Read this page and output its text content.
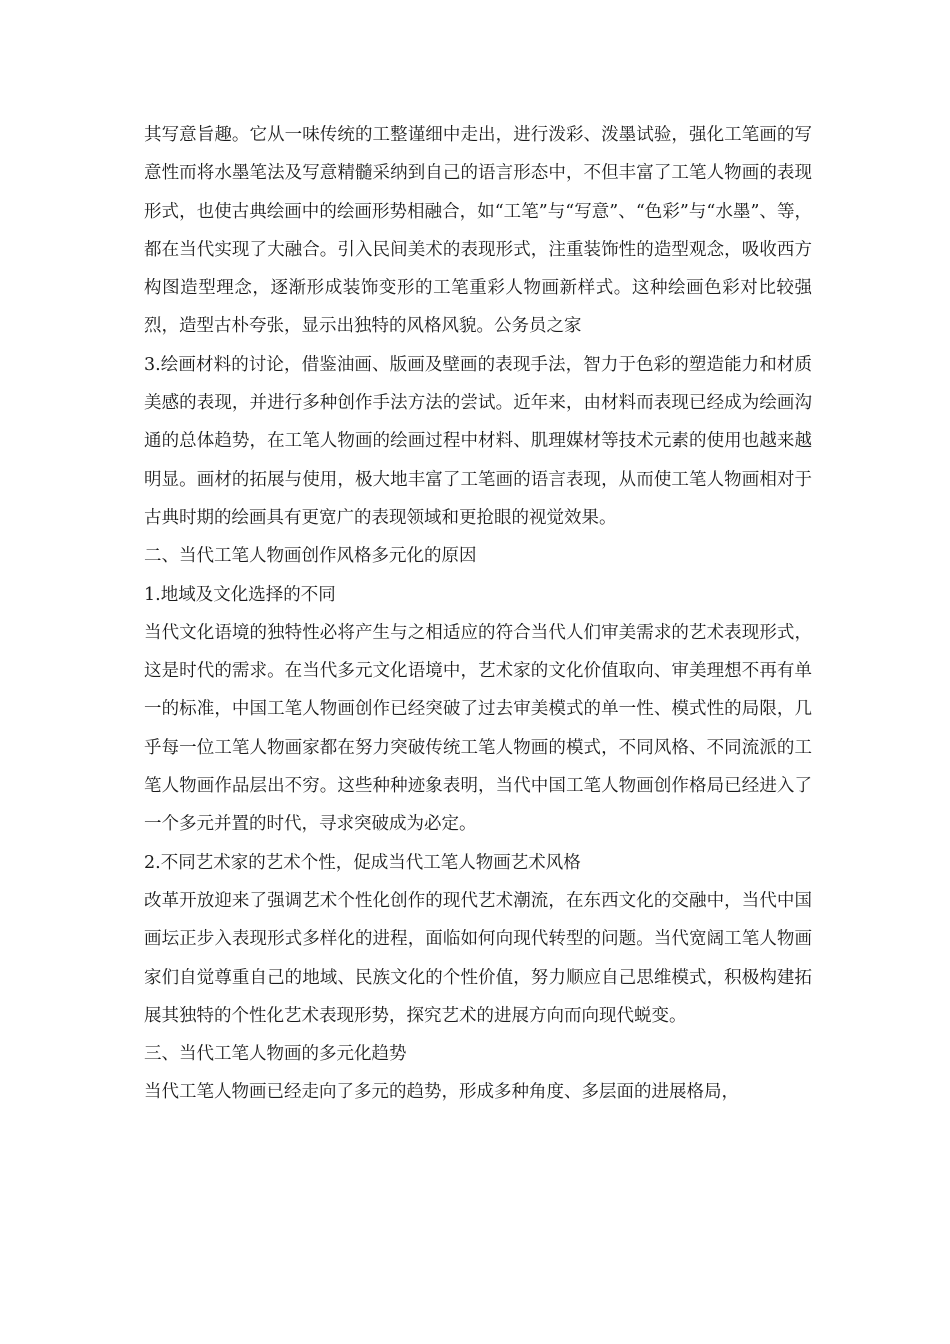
其写意旨趣。它从一味传统的工整谨细中走出，进行泼彩、泼墨试验，强化工笔画的写意性而将水墨笔法及写意精髓采纳到自己的语言形态中，不但丰富了工笔人物画的表现形式，也使古典绘画中的绘画形势相融合，如“工笔”与“写意”、“色彩”与“水墨”、等，都在当代实现了大融合。引入民间美术的表现形式，注重装饰性的造型观念，吸收西方构图造型理念，逐渐形成装饰变形的工笔重彩人物画新样式。这种绘画色彩对比较强烈，造型古朴夸张，显示出独特的风格风貌。公务员之家

3.绘画材料的讨论，借鉴油画、版画及壁画的表现手法，智力于色彩的塑造能力和材质美感的表现，并进行多种创作手法方法的尝试。近年来，由材料而表现已经成为绘画沟通的总体趋势，在工笔人物画的绘画过程中材料、肌理媒材等技术元素的使用也越来越明显。画材的拓展与使用，极大地丰富了工笔画的语言表现，从而使工笔人物画相对于古典时期的绘画具有更宽广的表现领域和更抢眼的视觉效果。

二、当代工笔人物画创作风格多元化的原因

1.地域及文化选择的不同

当代文化语境的独特性必将产生与之相适应的符合当代人们审美需求的艺术表现形式，这是时代的需求。在当代多元文化语境中，艺术家的文化价值取向、审美理想不再有单一的标准，中国工笔人物画创作已经突破了过去审美模式的单一性、模式性的局限，几乎每一位工笔人物画家都在努力突破传统工笔人物画的模式，不同风格、不同流派的工笔人物画作品层出不穷。这些种种迹象表明，当代中国工笔人物画创作格局已经进入了一个多元并置的时代，寻求突破成为必定。

2.不同艺术家的艺术个性，促成当代工笔人物画艺术风格

改革开放迎来了强调艺术个性化创作的现代艺术潮流，在东西文化的交融中，当代中国画坛正步入表现形式多样化的进程，面临如何向现代转型的问题。当代宽阔工笔人物画家们自觉尊重自己的地域、民族文化的个性价值，努力顺应自己思维模式，积极构建拓展其独特的个性化艺术表现形势，探究艺术的进展方向而向现代蜕变。

三、当代工笔人物画的多元化趋势

当代工笔人物画已经走向了多元的趋势，形成多种角度、多层面的进展格局，
